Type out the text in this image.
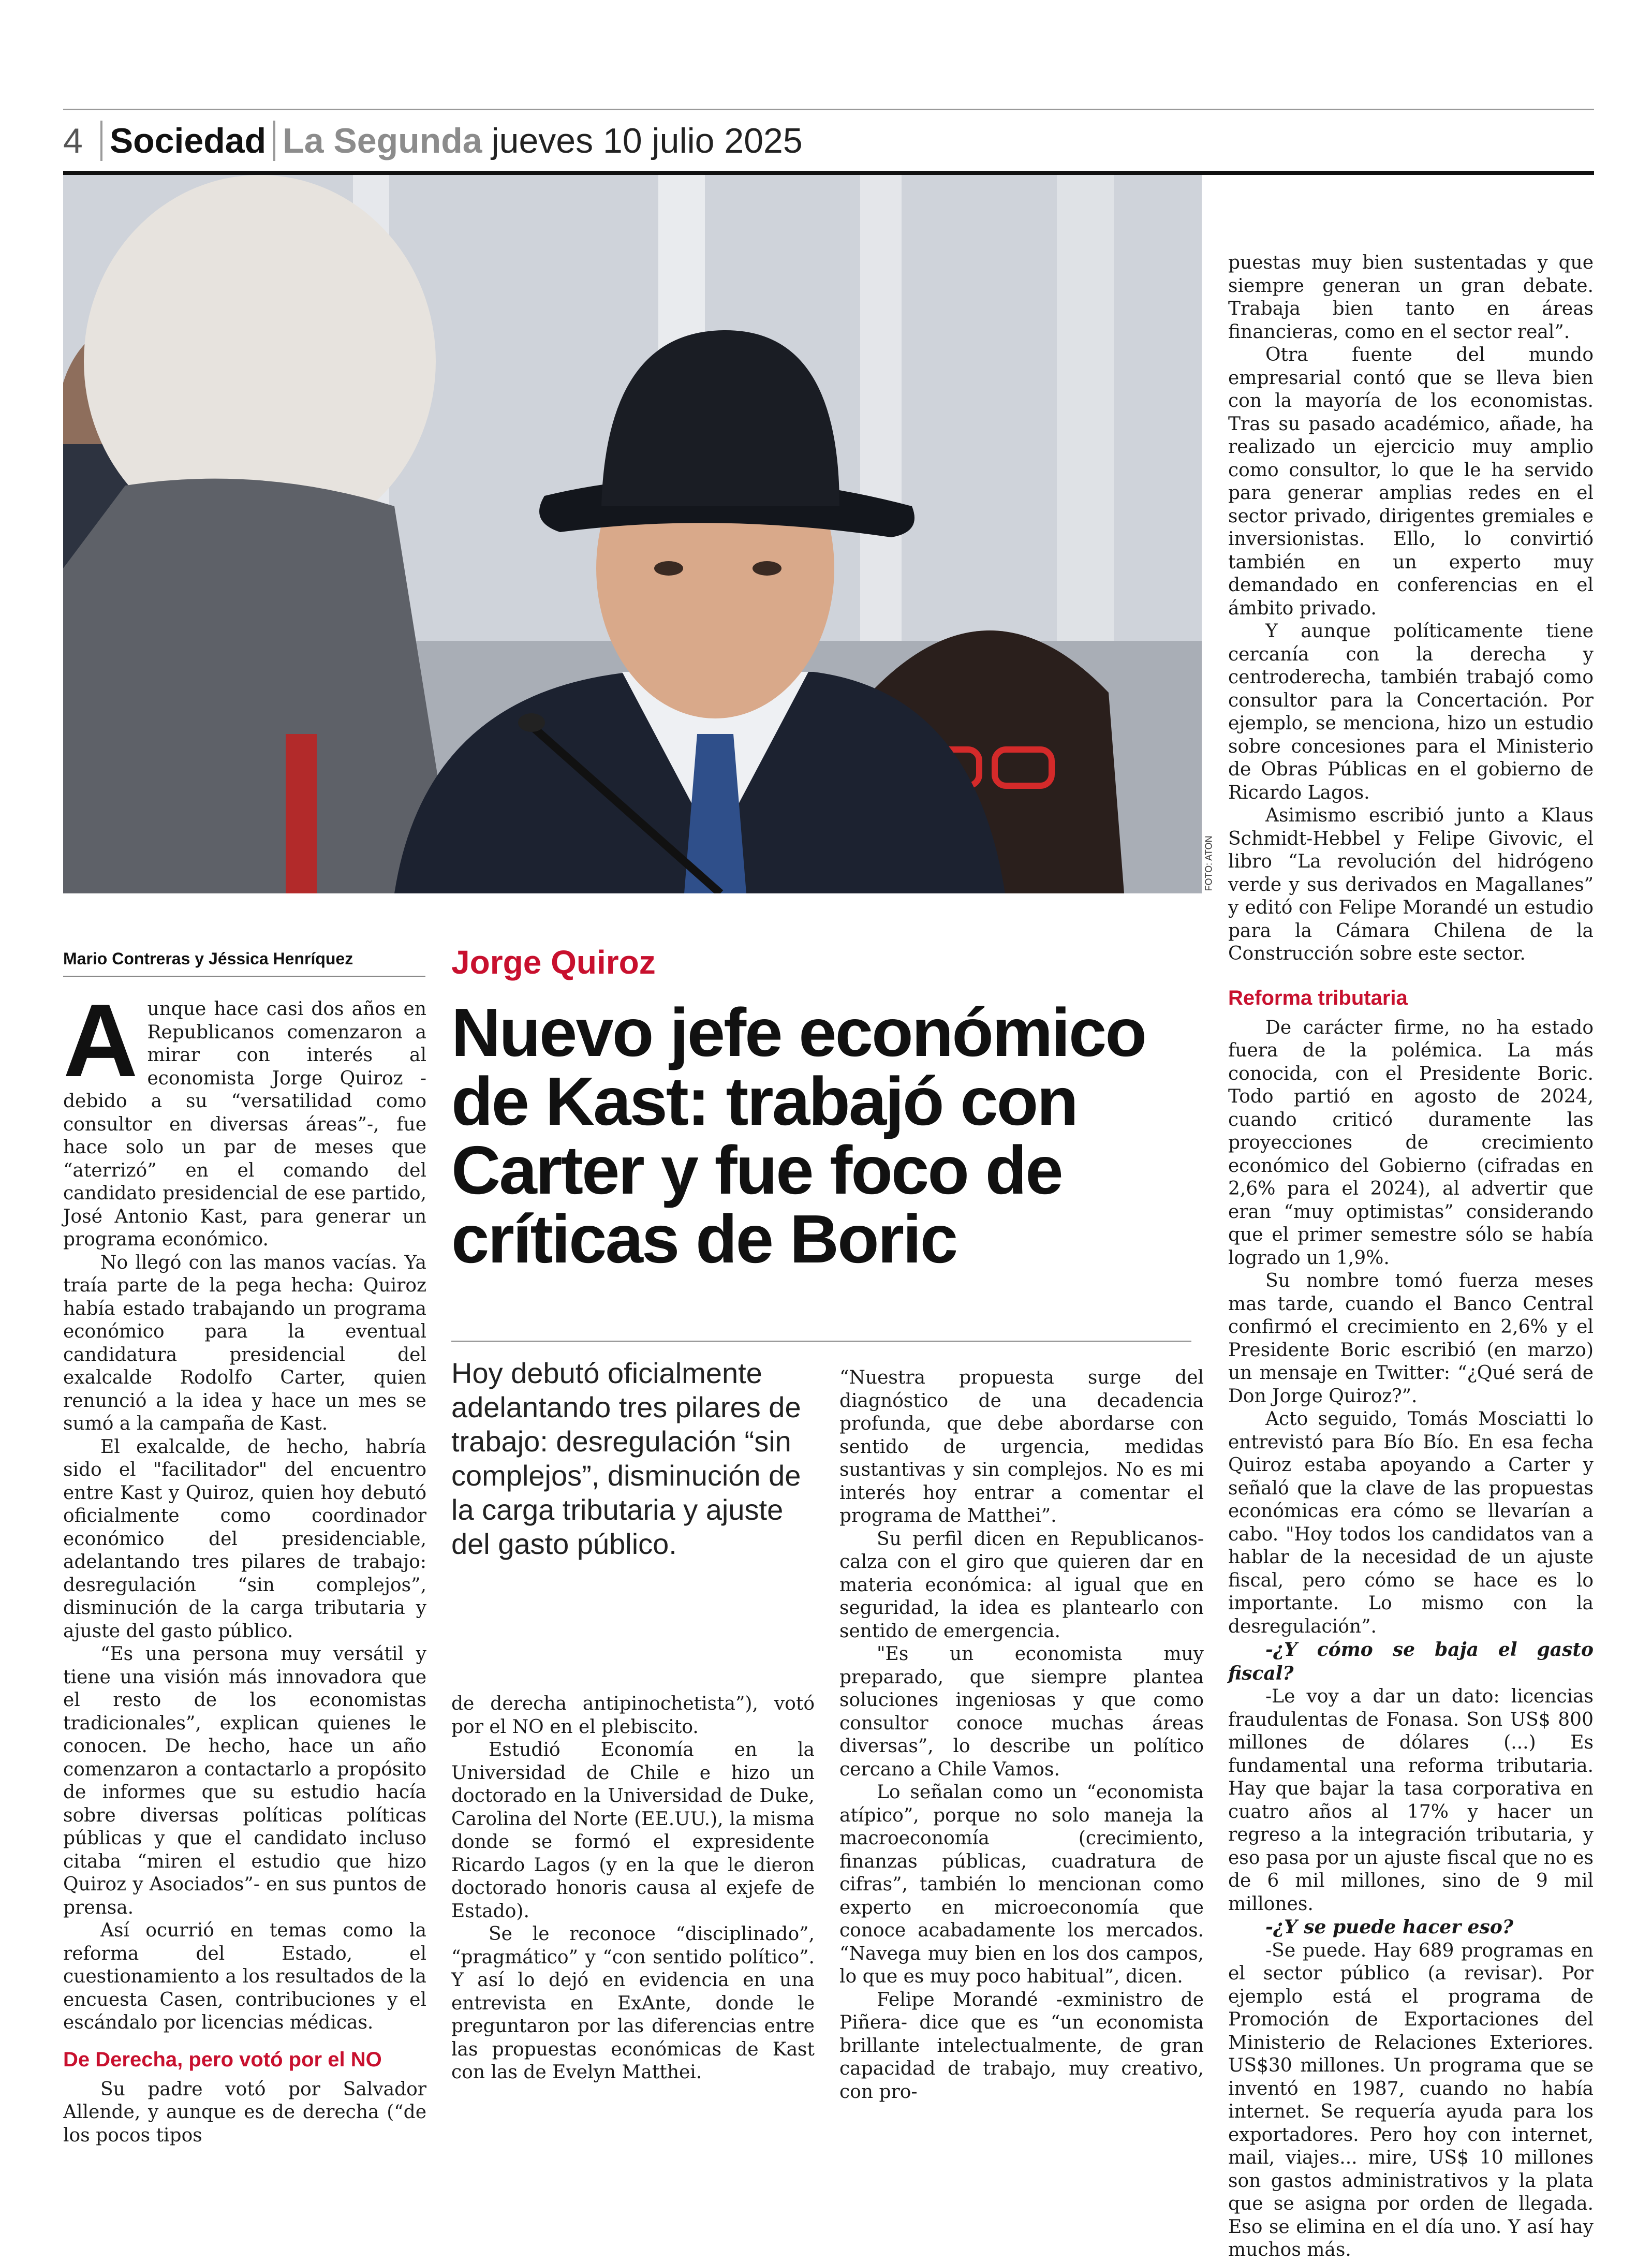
4 Sociedad La Segunda jueves 10 julio 2025
FOTO: ATON

puestas muy bien sustentadas y que siempre generan un gran debate. Trabaja bien tanto en áreas financieras, como en el sector real”.

Otra fuente del mundo empresarial contó que se lleva bien con la mayoría de los economistas. Tras su pasado académico, añade, ha realizado un ejercicio muy amplio como consultor, lo que le ha servido para generar amplias redes en el sector privado, dirigentes gremiales e inversionistas. Ello, lo convirtió también en un experto muy demandado en conferencias en el ámbito privado.

Y aunque políticamente tiene cercanía con la derecha y centroderecha, también trabajó como consultor para la Concertación. Por ejemplo, se menciona, hizo un estudio sobre concesiones para el Ministerio de Obras Públicas en el gobierno de Ricardo Lagos.

Asimismo escribió junto a Klaus Schmidt-Hebbel y Felipe Givovic, el libro “La revolución del hidrógeno verde y sus derivados en Magallanes” y editó con Felipe Morandé un estudio para la Cámara Chilena de la Construcción sobre este sector.

Reforma tributaria

De carácter firme, no ha estado fuera de la polémica. La más conocida, con el Presidente Boric. Todo partió en agosto de 2024, cuando criticó duramente las proyecciones de crecimiento económico del Gobierno (cifradas en 2,6% para el 2024), al advertir que eran “muy optimistas” considerando que el primer semestre sólo se había logrado un 1,9%.

Su nombre tomó fuerza meses mas tarde, cuando el Banco Central confirmó el crecimiento en 2,6% y el Presidente Boric escribió (en marzo) un mensaje en Twitter: “¿Qué será de Don Jorge Quiroz?”.

Acto seguido, Tomás Mosciatti lo entrevistó para Bío Bío. En esa fecha Quiroz estaba apoyando a Carter y señaló que la clave de las propuestas económicas era cómo se llevarían a cabo. "Hoy todos los candidatos van a hablar de la necesidad de un ajuste fiscal, pero cómo se hace es lo importante. Lo mismo con la desregulación”.

-¿Y cómo se baja el gasto fiscal?

-Le voy a dar un dato: licencias fraudulentas de Fonasa. Son US$ 800 millones de dólares (...) Es fundamental una reforma tributaria. Hay que bajar la tasa corporativa en cuatro años al 17% y hacer un regreso a la integración tributaria, y eso pasa por un ajuste fiscal que no es de 6 mil millones, sino de 9 mil millones.

-¿Y se puede hacer eso?

-Se puede. Hay 689 programas en el sector público (a revisar). Por ejemplo está el programa de Promoción de Exportaciones del Ministerio de Relaciones Exteriores. US$30 millones. Un programa que se inventó en 1987, cuando no había internet. Se requería ayuda para los exportadores. Pero hoy con internet, mail, viajes... mire, US$ 10 millones son gastos administrativos y la plata que se asigna por orden de llegada. Eso se elimina en el día uno. Y así hay muchos más.

Mario Contreras y Jéssica Henríquez

Aunque hace casi dos años en Republicanos comenzaron a mirar con interés al economista Jorge Quiroz -debido a su “versatilidad como consultor en diversas áreas”-, fue hace solo un par de meses que “aterrizó” en el comando del candidato presidencial de ese partido, José Antonio Kast, para generar un programa económico.

No llegó con las manos vacías. Ya traía parte de la pega hecha: Quiroz había estado trabajando un programa económico para la eventual candidatura presidencial del exalcalde Rodolfo Carter, quien renunció a la idea y hace un mes se sumó a la campaña de Kast.

El exalcalde, de hecho, habría sido el "facilitador" del encuentro entre Kast y Quiroz, quien hoy debutó oficialmente como coordinador económico del presidenciable, adelantando tres pilares de trabajo: desregulación “sin complejos”, disminución de la carga tributaria y ajuste del gasto público.

“Es una persona muy versátil y tiene una visión más innovadora que el resto de los economistas tradicionales”, explican quienes le conocen. De hecho, hace un año comenzaron a contactarlo a propósito de informes que su estudio hacía sobre diversas políticas políticas públicas y que el candidato incluso citaba “miren el estudio que hizo Quiroz y Asociados”- en sus puntos de prensa.

Así ocurrió en temas como la reforma del Estado, el cuestionamiento a los resultados de la encuesta Casen, contribuciones y el escándalo por licencias médicas.

De Derecha, pero votó por el NO

Su padre votó por Salvador Allende, y aunque es de derecha (“de los pocos tipos

Jorge Quiroz
Nuevo jefe económico de Kast: trabajó con Carter y fue foco de críticas de Boric

Hoy debutó oficialmente adelantando tres pilares de trabajo: desregulación “sin complejos”, disminución de la carga tributaria y ajuste del gasto público.

de derecha antipinochetista”), votó por el NO en el plebiscito.

Estudió Economía en la Universidad de Chile e hizo un doctorado en la Universidad de Duke, Carolina del Norte (EE.UU.), la misma donde se formó el expresidente Ricardo Lagos (y en la que le dieron doctorado honoris causa al exjefe de Estado).

Se le reconoce “disciplinado”, “pragmático” y “con sentido político”. Y así lo dejó en evidencia en una entrevista en ExAnte, donde le preguntaron por las diferencias entre las propuestas económicas de Kast con las de Evelyn Matthei.

“Nuestra propuesta surge del diagnóstico de una decadencia profunda, que debe abordarse con sentido de urgencia, medidas sustantivas y sin complejos. No es mi interés hoy entrar a comentar el programa de Matthei”.

Su perfil dicen en Republicanos- calza con el giro que quieren dar en materia económica: al igual que en seguridad, la idea es plantearlo con sentido de emergencia.

"Es un economista muy preparado, que siempre plantea soluciones ingeniosas y que como consultor conoce muchas áreas diversas”, lo describe un político cercano a Chile Vamos.

Lo señalan como un “economista atípico”, porque no solo maneja la macroeconomía (crecimiento, finanzas públicas, cuadratura de cifras”, también lo mencionan como experto en microeconomía que conoce acabadamente los mercados. “Navega muy bien en los dos campos, lo que es muy poco habitual”, dicen.

Felipe Morandé -exministro de Piñera- dice que es “un economista brillante intelectualmente, de gran capacidad de trabajo, muy creativo, con pro-
